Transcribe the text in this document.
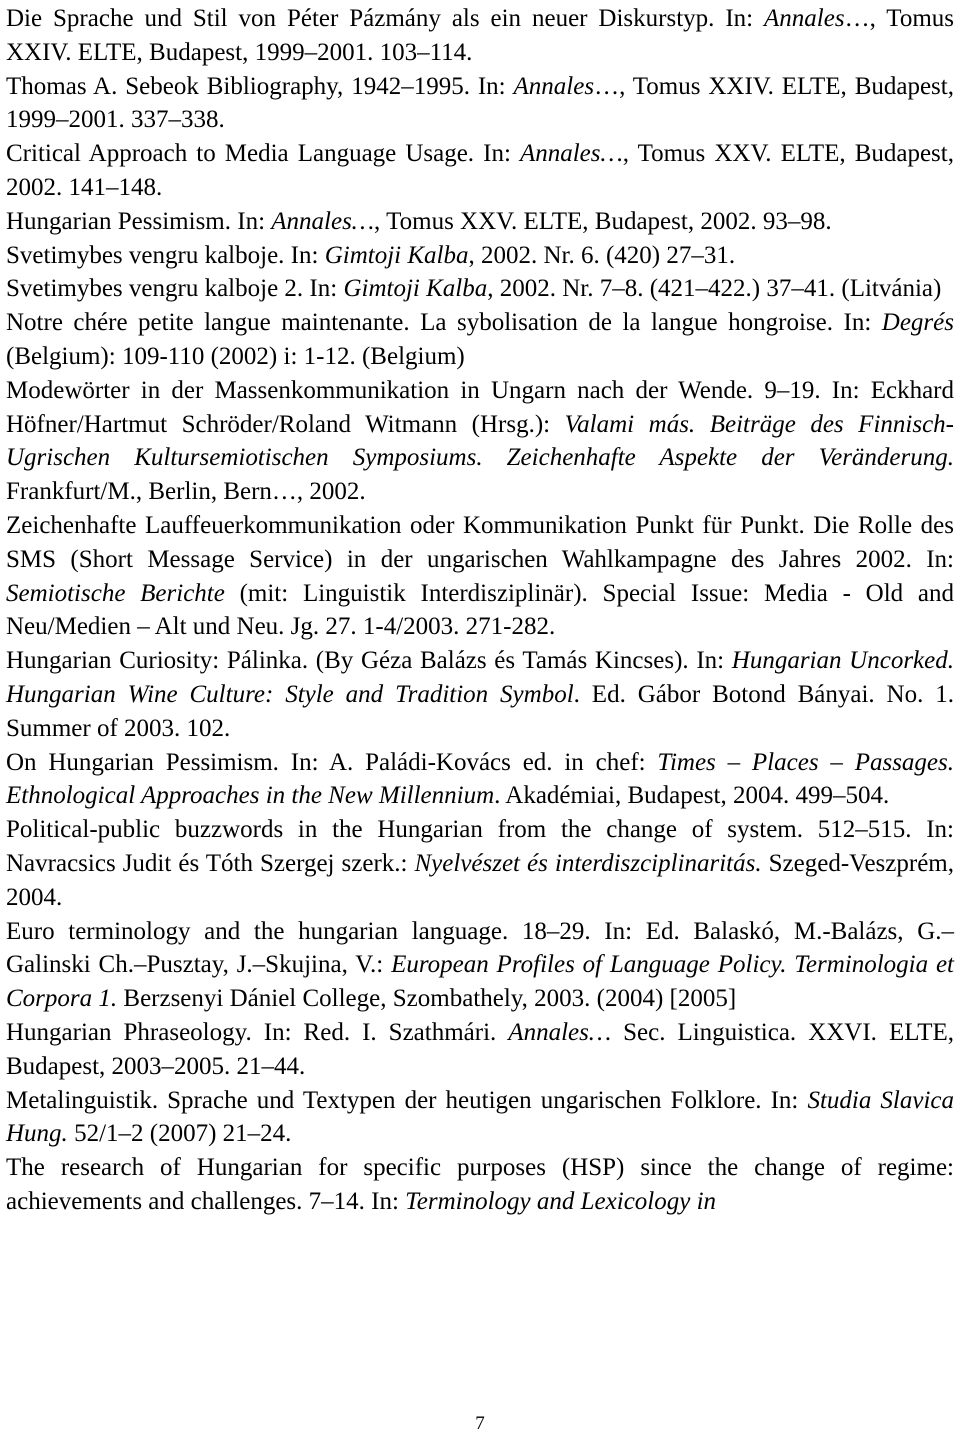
Die Sprache und Stil von Péter Pázmány als ein neuer Diskurstyp. In: Annales…, Tomus XXIV. ELTE, Budapest, 1999–2001. 103–114.

Thomas A. Sebeok Bibliography, 1942–1995. In: Annales…, Tomus XXIV. ELTE, Budapest, 1999–2001. 337–338.

Critical Approach to Media Language Usage. In: Annales…, Tomus XXV. ELTE, Budapest, 2002. 141–148.

Hungarian Pessimism. In: Annales…, Tomus XXV. ELTE, Budapest, 2002. 93–98.

Svetimybes vengru kalboje. In: Gimtoji Kalba, 2002. Nr. 6. (420) 27–31.

Svetimybes vengru kalboje 2. In: Gimtoji Kalba, 2002. Nr. 7–8. (421–422.) 37–41. (Litvánia)

Notre chére petite langue maintenante. La sybolisation de la langue hongroise. In: Degrés (Belgium): 109-110 (2002) i: 1-12. (Belgium)

Modewörter in der Massenkommunikation in Ungarn nach der Wende. 9–19. In: Eckhard Höfner/Hartmut Schröder/Roland Witmann (Hrsg.): Valami más. Beiträge des Finnisch-Ugrischen Kultursemiotischen Symposiums. Zeichenhafte Aspekte der Veränderung. Frankfurt/M., Berlin, Bern…, 2002.

Zeichenhafte Lauffeuerkommunikation oder Kommunikation Punkt für Punkt. Die Rolle des SMS (Short Message Service) in der ungarischen Wahlkampagne des Jahres 2002. In: Semiotische Berichte (mit: Linguistik Interdisziplinär). Special Issue: Media - Old and Neu/Medien – Alt und Neu. Jg. 27. 1-4/2003. 271-282.

Hungarian Curiosity: Pálinka. (By Géza Balázs és Tamás Kincses). In: Hungarian Uncorked. Hungarian Wine Culture: Style and Tradition Symbol. Ed. Gábor Botond Bányai. No. 1. Summer of 2003. 102.

On Hungarian Pessimism. In: A. Paládi-Kovács ed. in chef: Times – Places – Passages. Ethnological Approaches in the New Millennium. Akadémiai, Budapest, 2004. 499–504.

Political-public buzzwords in the Hungarian from the change of system. 512–515. In: Navracsics Judit és Tóth Szergej szerk.: Nyelvészet és interdiszciplinaritás. Szeged-Veszprém, 2004.

Euro terminology and the hungarian language. 18–29. In: Ed. Balaskó, M.-Balázs, G.–Galinski Ch.–Pusztay, J.–Skujina, V.: European Profiles of Language Policy. Terminologia et Corpora 1. Berzsenyi Dániel College, Szombathely, 2003. (2004) [2005]

Hungarian Phraseology. In: Red. I. Szathmári. Annales… Sec. Linguistica. XXVI. ELTE, Budapest, 2003–2005. 21–44.

Metalinguistik. Sprache und Textypen der heutigen ungarischen Folklore. In: Studia Slavica Hung. 52/1–2 (2007) 21–24.

The research of Hungarian for specific purposes (HSP) since the change of regime: achievements and challenges. 7–14. In: Terminology and Lexicology in

7
